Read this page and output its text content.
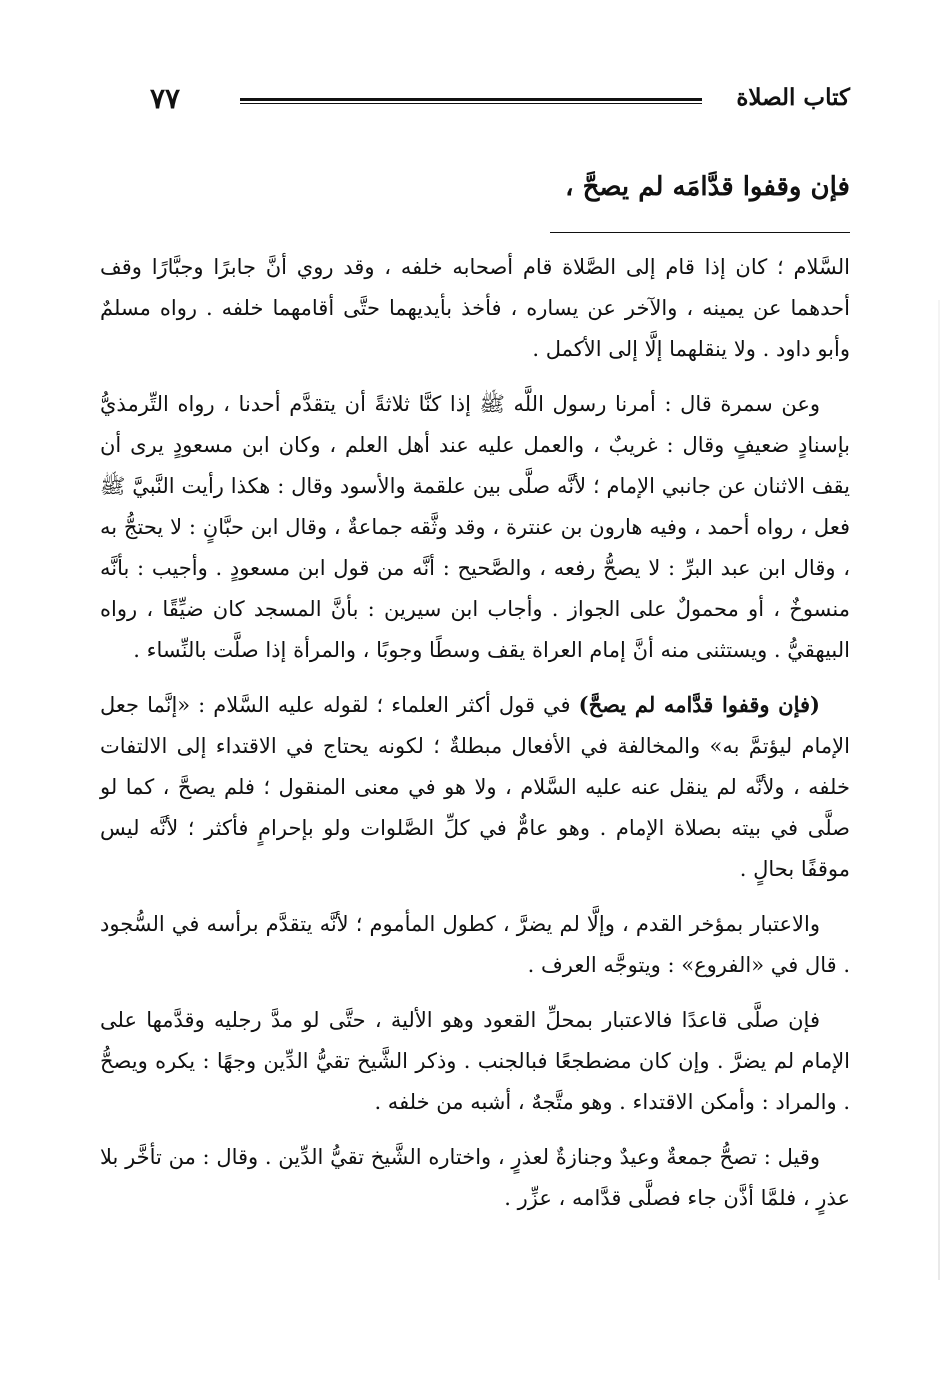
كتاب الصلاة
٧٧
فإن وقفوا قدَّامَه لم يصحَّ ،

السَّلام ؛ كان إذا قام إلى الصَّلاة قام أصحابه خلفه ، وقد روي أنَّ جابرًا وجبَّارًا وقف أحدهما عن يمينه ، والآخر عن يساره ، فأخذ بأيديهما حتَّى أقامهما خلفه . رواه مسلمٌ وأبو داود . ولا ينقلهما إلَّا إلى الأكمل .

وعن سمرة قال : أمرنا رسول اللَّه ﷺ إذا كنَّا ثلاثةً أن يتقدَّم أحدنا ، رواه التِّرمذيُّ بإسنادٍ ضعيفٍ وقال : غريبٌ ، والعمل عليه عند أهل العلم ، وكان ابن مسعودٍ يرى أن يقف الاثنان عن جانبي الإمام ؛ لأنَّه صلَّى بين علقمة والأسود وقال : هكذا رأيت النَّبيَّ ﷺ فعل ، رواه أحمد ، وفيه هارون بن عنترة ، وقد وثَّقه جماعةٌ ، وقال ابن حبَّانٍ : لا يحتجُّ به ، وقال ابن عبد البرِّ : لا يصحُّ رفعه ، والصَّحيح : أنَّه من قول ابن مسعودٍ . وأجيب : بأنَّه منسوخٌ ، أو محمولٌ على الجواز . وأجاب ابن سيرين : بأنَّ المسجد كان ضيِّقًا ، رواه البيهقيُّ . ويستثنى منه أنَّ إمام العراة يقف وسطًا وجوبًا ، والمرأة إذا صلَّت بالنِّساء .

(فإن وقفوا قدَّامه لم يصحَّ) في قول أكثر العلماء ؛ لقوله عليه السَّلام : «إنَّما جعل الإمام ليؤتمَّ به» والمخالفة في الأفعال مبطلةٌ ؛ لكونه يحتاج في الاقتداء إلى الالتفات خلفه ، ولأنَّه لم ينقل عنه عليه السَّلام ، ولا هو في معنى المنقول ؛ فلم يصحَّ ، كما لو صلَّى في بيته بصلاة الإمام . وهو عامٌّ في كلِّ الصَّلوات ولو بإحرامٍ فأكثر ؛ لأنَّه ليس موقفًا بحالٍ .

والاعتبار بمؤخر القدم ، وإلَّا لم يضرَّ ، كطول المأموم ؛ لأنَّه يتقدَّم برأسه في السُّجود . قال في «الفروع» : ويتوجَّه العرف .

فإن صلَّى قاعدًا فالاعتبار بمحلِّ القعود وهو الألية ، حتَّى لو مدَّ رجليه وقدَّمها على الإمام لم يضرَّ . وإن كان مضطجعًا فبالجنب . وذكر الشَّيخ تقيُّ الدِّين وجهًا : يكره ويصحُّ . والمراد : وأمكن الاقتداء . وهو متَّجهٌ ، أشبه من خلفه .

وقيل : تصحُّ جمعةٌ وعيدٌ وجنازةٌ لعذرٍ ، واختاره الشَّيخ تقيُّ الدِّين . وقال : من تأخَّر بلا عذرٍ ، فلمَّا أذَّن جاء فصلَّى قدَّامه ، عزِّر .
